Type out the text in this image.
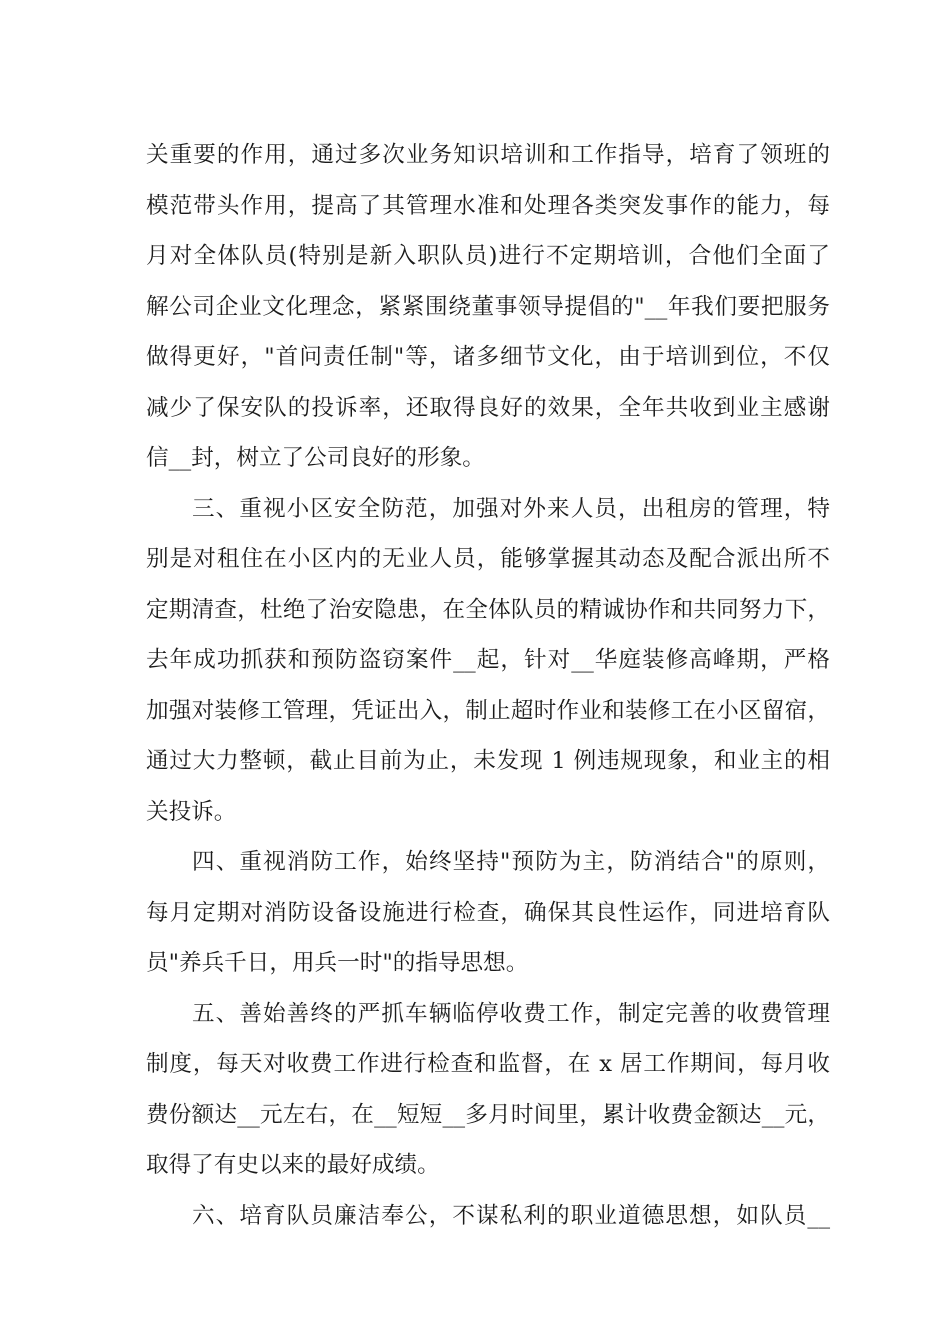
关重要的作用，通过多次业务知识培训和工作指导，培育了领班的
模范带头作用，提高了其管理水准和处理各类突发事作的能力，每
月对全体队员(特别是新入职队员)进行不定期培训，合他们全面了
解公司企业文化理念，紧紧围绕董事领导提倡的"__年我们要把服务
做得更好，"首问责任制"等，诸多细节文化，由于培训到位，不仅
减少了保安队的投诉率，还取得良好的效果，全年共收到业主感谢
信__封，树立了公司良好的形象。
三、重视小区安全防范，加强对外来人员，出租房的管理，特
别是对租住在小区内的无业人员，能够掌握其动态及配合派出所不
定期清查，杜绝了治安隐患，在全体队员的精诚协作和共同努力下，
去年成功抓获和预防盗窃案件__起，针对__华庭装修高峰期，严格
加强对装修工管理，凭证出入，制止超时作业和装修工在小区留宿，
通过大力整顿，截止目前为止，未发现 1 例违规现象，和业主的相
关投诉。
四、重视消防工作，始终坚持"预防为主，防消结合"的原则，
每月定期对消防设备设施进行检查，确保其良性运作，同进培育队
员"养兵千日，用兵一时"的指导思想。
五、善始善终的严抓车辆临停收费工作，制定完善的收费管理
制度，每天对收费工作进行检查和监督，在 x 居工作期间，每月收
费份额达__元左右，在__短短__多月时间里，累计收费金额达__元，
取得了有史以来的最好成绩。
六、培育队员廉洁奉公，不谋私利的职业道德思想，如队员__
